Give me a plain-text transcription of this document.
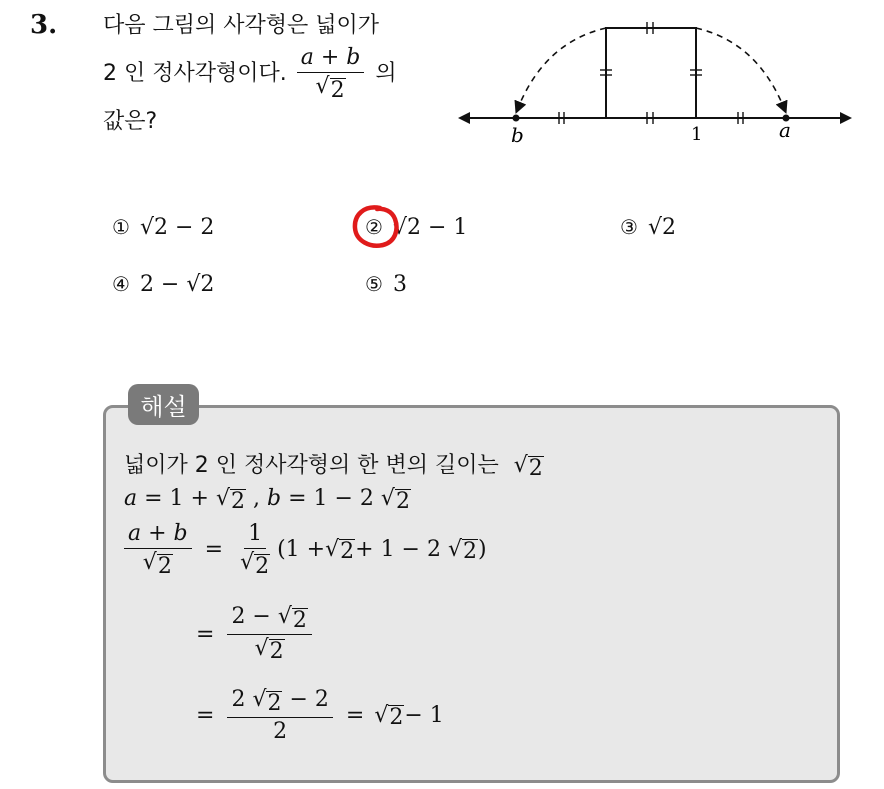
3. 다음 그림의 사각형은 넓이가
2 인 정사각형이다. $\frac{a + b}{√ 2}$ 의
값은?
b	1	a
① √2 − 2	② √2 − 1	③ √2
④ 2 − √2	⑤ 3
해설
넓이가 2 인 정사각형의 한 변의 길이는 √ 2
a = 1 + √ 2 , b = 1 − 2 √ 2
$\frac{a + b}{√ 2} = \frac{1}{√ 2} (1$ + √ 2 + 1 − 2
√ 2 )
= $\frac{2 - √ 2}{√ 2}$
= $\frac{2 √ 2 - 2}{2}$ = √ 2 − 1
